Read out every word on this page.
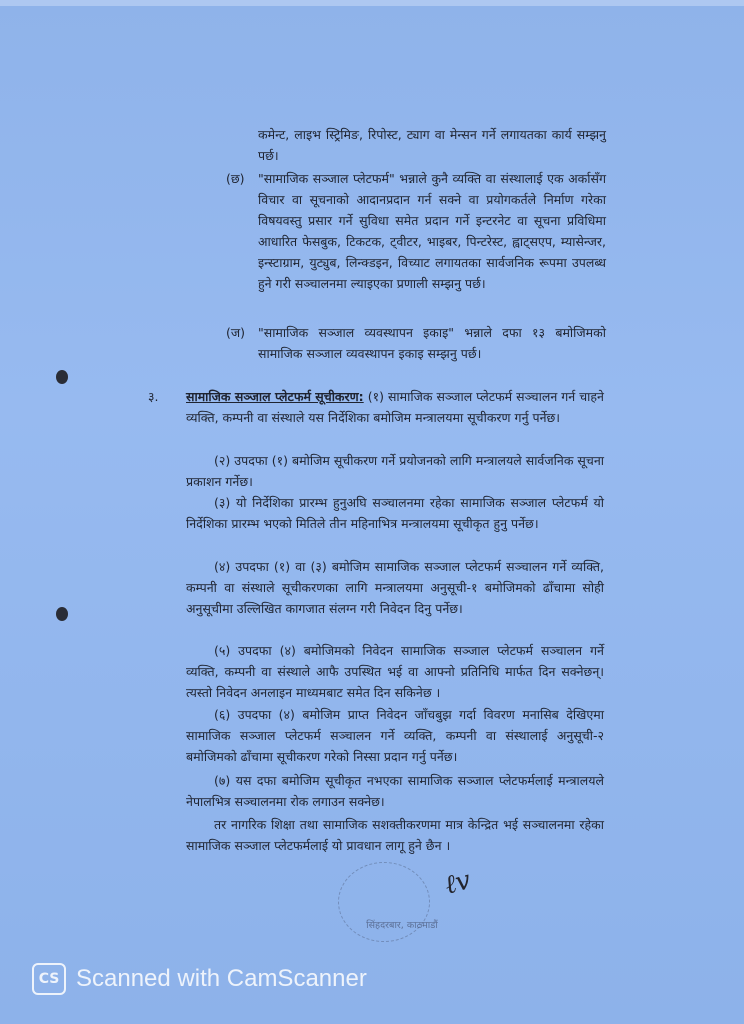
कमेन्ट, लाइभ स्ट्रिमिङ, रिपोस्ट, ट्याग वा मेन्सन गर्ने लगायतका कार्य सम्झनु पर्छ।

(छ) "सामाजिक सञ्जाल प्लेटफर्म" भन्नाले कुनै व्यक्ति वा संस्थालाई एक अर्कासँग विचार वा सूचनाको आदानप्रदान गर्न सक्ने वा प्रयोगकर्तले निर्माण गरेका विषयवस्तु प्रसार गर्ने सुविधा समेत प्रदान गर्ने इन्टरनेट वा सूचना प्रविधिमा आधारित फेसबुक, टिकटक, ट्वीटर, भाइबर, पिन्टरेस्ट, ह्वाट्सएप, म्यासेन्जर, इन्स्टाग्राम, युट्युब, लिन्क्डइन, विच्याट लगायतका सार्वजनिक रूपमा उपलब्ध हुने गरी सञ्चालनमा ल्याइएका प्रणाली सम्झनु पर्छ।

(ज) "सामाजिक सञ्जाल व्यवस्थापन इकाइ" भन्नाले दफा १३ बमोजिमको सामाजिक सञ्जाल व्यवस्थापन इकाइ सम्झनु पर्छ।

३. सामाजिक सञ्जाल प्लेटफर्म सूचीकरण: (१) सामाजिक सञ्जाल प्लेटफर्म सञ्चालन गर्न चाहने व्यक्ति, कम्पनी वा संस्थाले यस निर्देशिका बमोजिम मन्त्रालयमा सूचीकरण गर्नु पर्नेछ।

(२) उपदफा (१) बमोजिम सूचीकरण गर्ने प्रयोजनको लागि मन्त्रालयले सार्वजनिक सूचना प्रकाशन गर्नेछ।

(३) यो निर्देशिका प्रारम्भ हुनुअघि सञ्चालनमा रहेका सामाजिक सञ्जाल प्लेटफर्म यो निर्देशिका प्रारम्भ भएको मितिले तीन महिनाभित्र मन्त्रालयमा सूचीकृत हुनु पर्नेछ।

(४) उपदफा (१) वा (३) बमोजिम सामाजिक सञ्जाल प्लेटफर्म सञ्चालन गर्ने व्यक्ति, कम्पनी वा संस्थाले सूचीकरणका लागि मन्त्रालयमा अनुसूची-१ बमोजिमको ढाँचामा सोही अनुसूचीमा उल्लिखित कागजात संलग्न गरी निवेदन दिनु पर्नेछ।

(५) उपदफा (४) बमोजिमको निवेदन सामाजिक सञ्जाल प्लेटफर्म सञ्चालन गर्ने व्यक्ति, कम्पनी वा संस्थाले आफै उपस्थित भई वा आफ्नो प्रतिनिधि मार्फत दिन सक्नेछन्। त्यस्तो निवेदन अनलाइन माध्यमबाट समेत दिन सकिनेछ ।

(६) उपदफा (४) बमोजिम प्राप्त निवेदन जाँचबुझ गर्दा विवरण मनासिब देखिएमा सामाजिक सञ्जाल प्लेटफर्म सञ्चालन गर्ने व्यक्ति, कम्पनी वा संस्थालाई अनुसूची-२ बमोजिमको ढाँचामा सूचीकरण गरेको निस्सा प्रदान गर्नु पर्नेछ।

(७) यस दफा बमोजिम सूचीकृत नभएका सामाजिक सञ्जाल प्लेटफर्मलाई मन्त्रालयले नेपालभित्र सञ्चालनमा रोक लगाउन सक्नेछ।

तर नागरिक शिक्षा तथा सामाजिक सशक्तीकरणमा मात्र केन्द्रित भई सञ्चालनमा रहेका सामाजिक सञ्जाल प्लेटफर्मलाई यो प्रावधान लागू हुने छैन ।

सिंहदरबार, काठमाडौं
ℓv
CS Scanned with CamScanner
